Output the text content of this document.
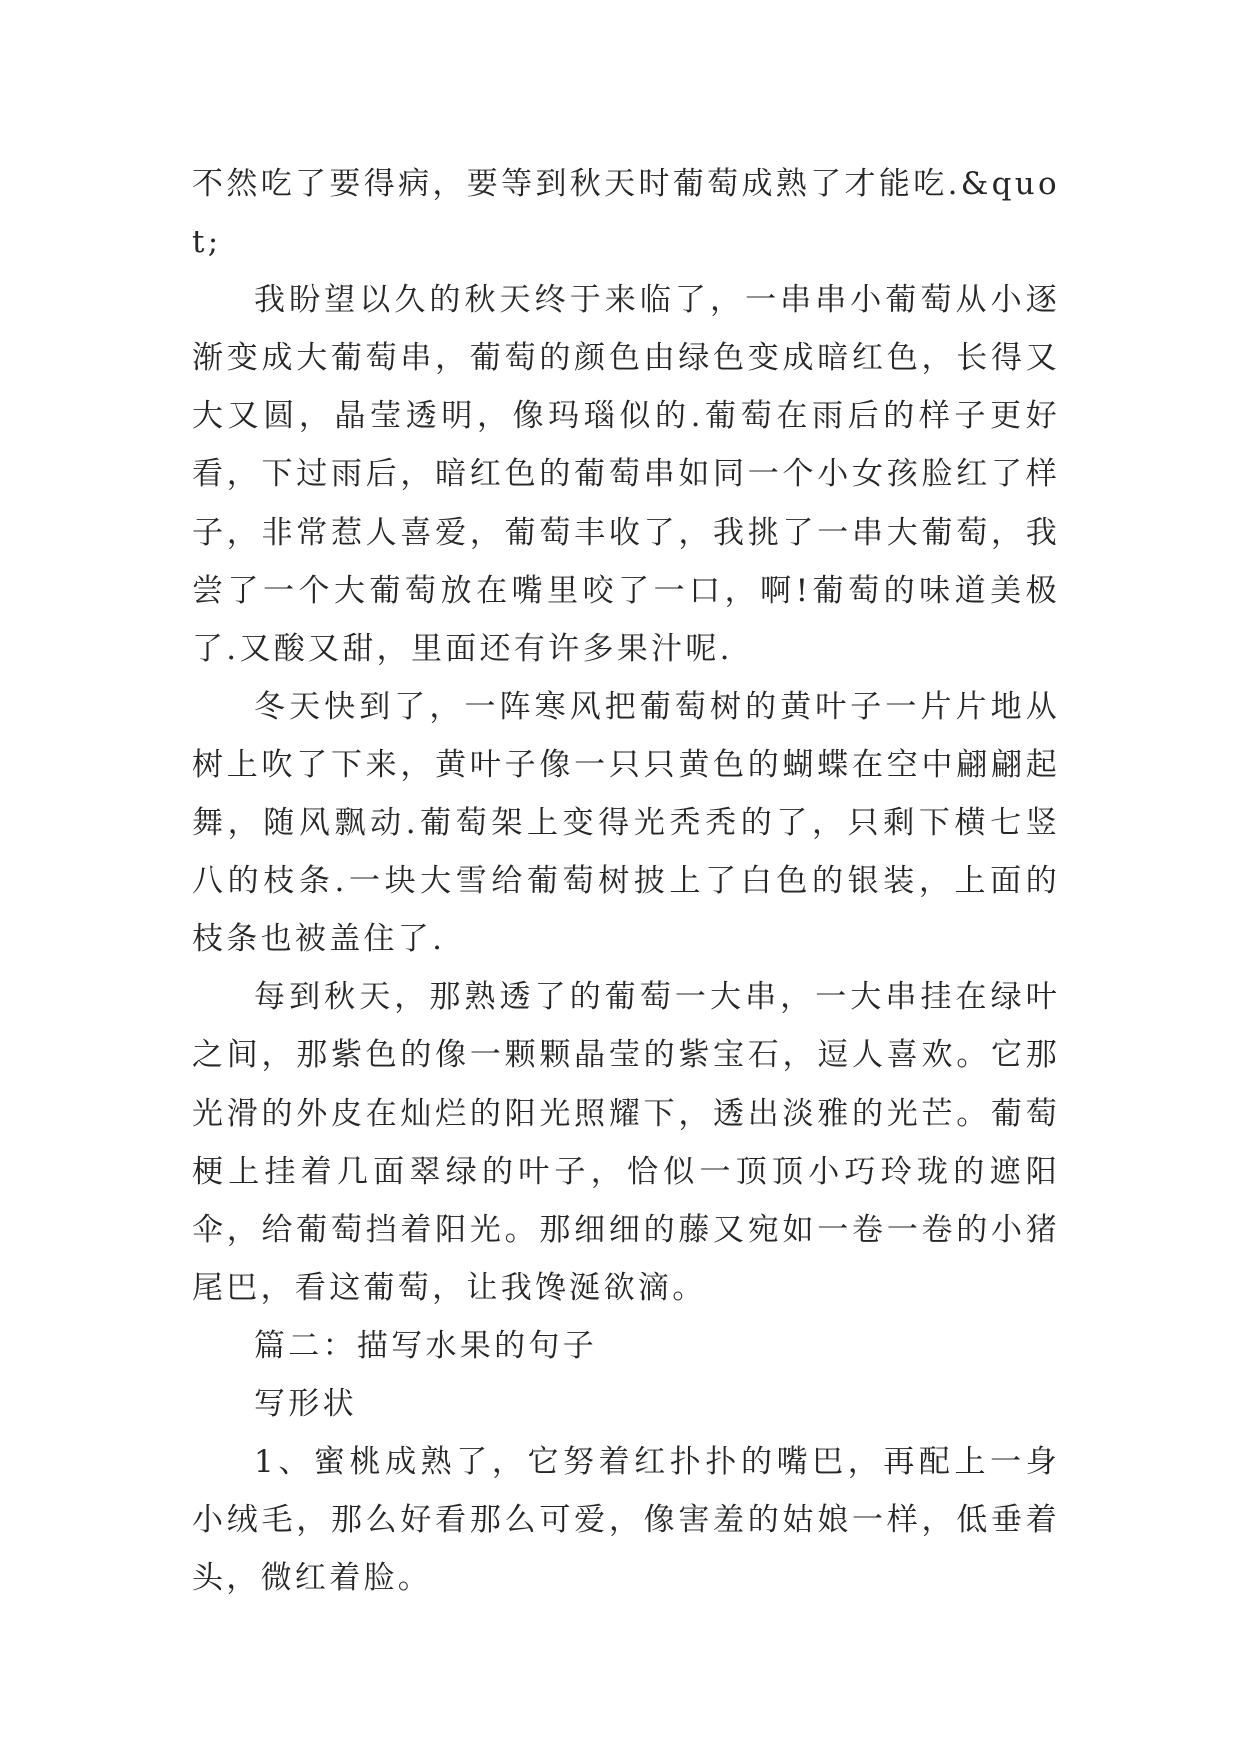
不然吃了要得病，要等到秋天时葡萄成熟了才能吃.&quot;

我盼望以久的秋天终于来临了，一串串小葡萄从小逐渐变成大葡萄串，葡萄的颜色由绿色变成暗红色，长得又大又圆，晶莹透明，像玛瑙似的.葡萄在雨后的样子更好看，下过雨后，暗红色的葡萄串如同一个小女孩脸红了样子，非常惹人喜爱，葡萄丰收了，我挑了一串大葡萄，我尝了一个大葡萄放在嘴里咬了一口，啊!葡萄的味道美极了.又酸又甜，里面还有许多果汁呢.

冬天快到了，一阵寒风把葡萄树的黄叶子一片片地从树上吹了下来，黄叶子像一只只黄色的蝴蝶在空中翩翩起舞，随风飘动.葡萄架上变得光秃秃的了，只剩下横七竖八的枝条.一块大雪给葡萄树披上了白色的银装，上面的枝条也被盖住了.

每到秋天，那熟透了的葡萄一大串，一大串挂在绿叶之间，那紫色的像一颗颗晶莹的紫宝石，逗人喜欢。它那光滑的外皮在灿烂的阳光照耀下，透出淡雅的光芒。葡萄梗上挂着几面翠绿的叶子，恰似一顶顶小巧玲珑的遮阳伞，给葡萄挡着阳光。那细细的藤又宛如一卷一卷的小猪尾巴，看这葡萄，让我馋涎欲滴。

篇二：描写水果的句子

写形状

1、蜜桃成熟了，它努着红扑扑的嘴巴，再配上一身小绒毛，那么好看那么可爱，像害羞的姑娘一样，低垂着头，微红着脸。
